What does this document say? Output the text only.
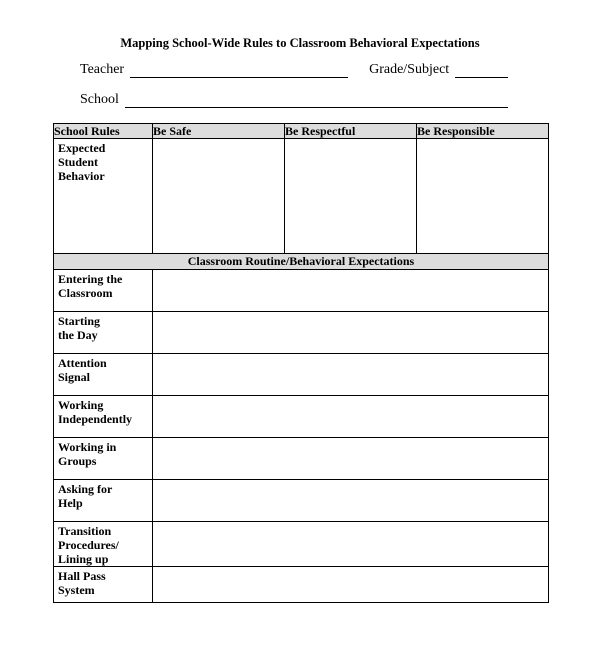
Mapping School-Wide Rules to Classroom Behavioral Expectations
Teacher	Grade/Subject
School
School Rules	Be Safe	Be Respectful	Be Responsible

Expected
Student
Behavior			

Classroom Routine/Behavioral Expectations			

Entering the
Classroom			

Starting
the Day			

Attention
Signal			

Working
Independently			

Working in
Groups			

Asking for
Help			

Transition
Procedures/
Lining up			

Hall Pass
System			
